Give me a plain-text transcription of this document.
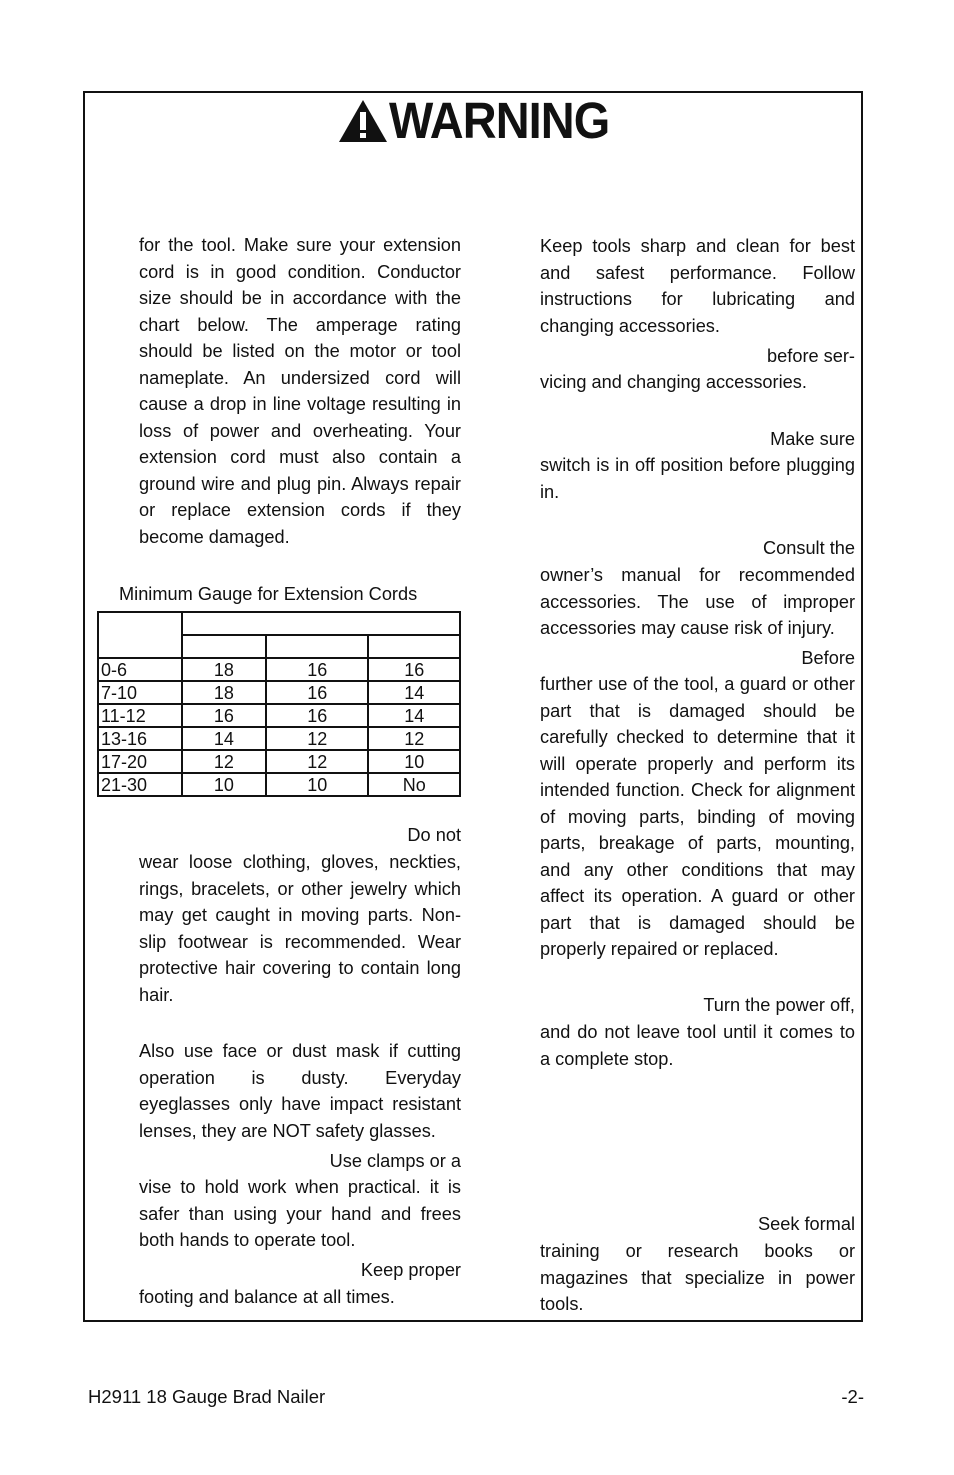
WARNING

for the tool. Make sure your extension cord is in good condition. Conductor size should be in accordance with the chart below. The amperage rating should be listed on the motor or tool nameplate. An undersized cord will cause a drop in line voltage resulting in loss of power and overheating. Your extension cord must also contain a ground wire and plug pin. Always repair or replace extension cords if they become damaged.

Minimum Gauge for Extension Cords

0-6	18	16	16
7-10	18	16	14
11-12	16	16	14
13-16	14	12	12
17-20	12	12	10
21-30	10	10	No

Do not

wear loose clothing, gloves, neckties, rings, bracelets, or other jewelry which may get caught in moving parts. Non-slip footwear is recommended. Wear protective hair covering to contain long hair.

Also use face or dust mask if cutting operation is dusty. Everyday eyeglasses only have impact resistant lenses, they are NOT safety glasses.

Use clamps or a

vise to hold work when practical. it is safer than using your hand and frees both hands to operate tool.

Keep proper

footing and balance at all times.

Keep tools sharp and clean for best and safest performance. Follow instructions for lubricating and changing accessories.

before ser-

vicing and changing accessories.

Make sure

switch is in off position before plugging in.

Consult the

owner’s manual for recommended accessories. The use of improper accessories may cause risk of injury.

Before

further use of the tool, a guard or other part that is damaged should be carefully checked to determine that it will operate properly and perform its intended function. Check for alignment of moving parts, binding of moving parts, breakage of parts, mounting, and any other conditions that may affect its operation. A guard or other part that is damaged should be properly repaired or replaced.

Turn the power off,

and do not leave tool until it comes to a complete stop.

Seek formal

training or research books or magazines that specialize in power tools.

H2911 18 Gauge Brad Nailer	-2-
